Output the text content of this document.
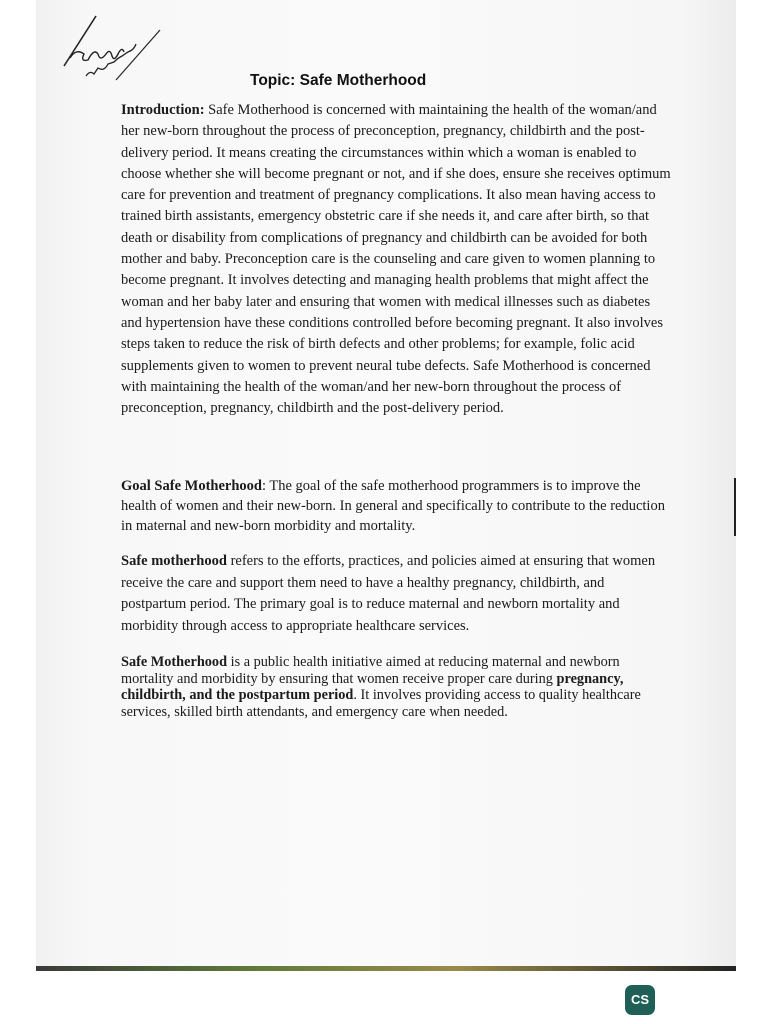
Topic: Safe Motherhood
Introduction: Safe Motherhood is concerned with maintaining the health of the woman/and her new-born throughout the process of preconception, pregnancy, childbirth and the post-delivery period. It means creating the circumstances within which a woman is enabled to choose whether she will become pregnant or not, and if she does, ensure she receives optimum care for prevention and treatment of pregnancy complications. It also mean having access to trained birth assistants, emergency obstetric care if she needs it, and care after birth, so that death or disability from complications of pregnancy and childbirth can be avoided for both mother and baby. Preconception care is the counseling and care given to women planning to become pregnant. It involves detecting and managing health problems that might affect the woman and her baby later and ensuring that women with medical illnesses such as diabetes and hypertension have these conditions controlled before becoming pregnant. It also involves steps taken to reduce the risk of birth defects and other problems; for example, folic acid supplements given to women to prevent neural tube defects. Safe Motherhood is concerned with maintaining the health of the woman/and her new-born throughout the process of preconception, pregnancy, childbirth and the post-delivery period.
Goal Safe Motherhood: The goal of the safe motherhood programmers is to improve the health of women and their new-born. In general and specifically to contribute to the reduction in maternal and new-born morbidity and mortality.
Safe motherhood refers to the efforts, practices, and policies aimed at ensuring that women receive the care and support them need to have a healthy pregnancy, childbirth, and postpartum period. The primary goal is to reduce maternal and newborn mortality and morbidity through access to appropriate healthcare services.
Safe Motherhood is a public health initiative aimed at reducing maternal and newborn mortality and morbidity by ensuring that women receive proper care during pregnancy, childbirth, and the postpartum period. It involves providing access to quality healthcare services, skilled birth attendants, and emergency care when needed.
CS
